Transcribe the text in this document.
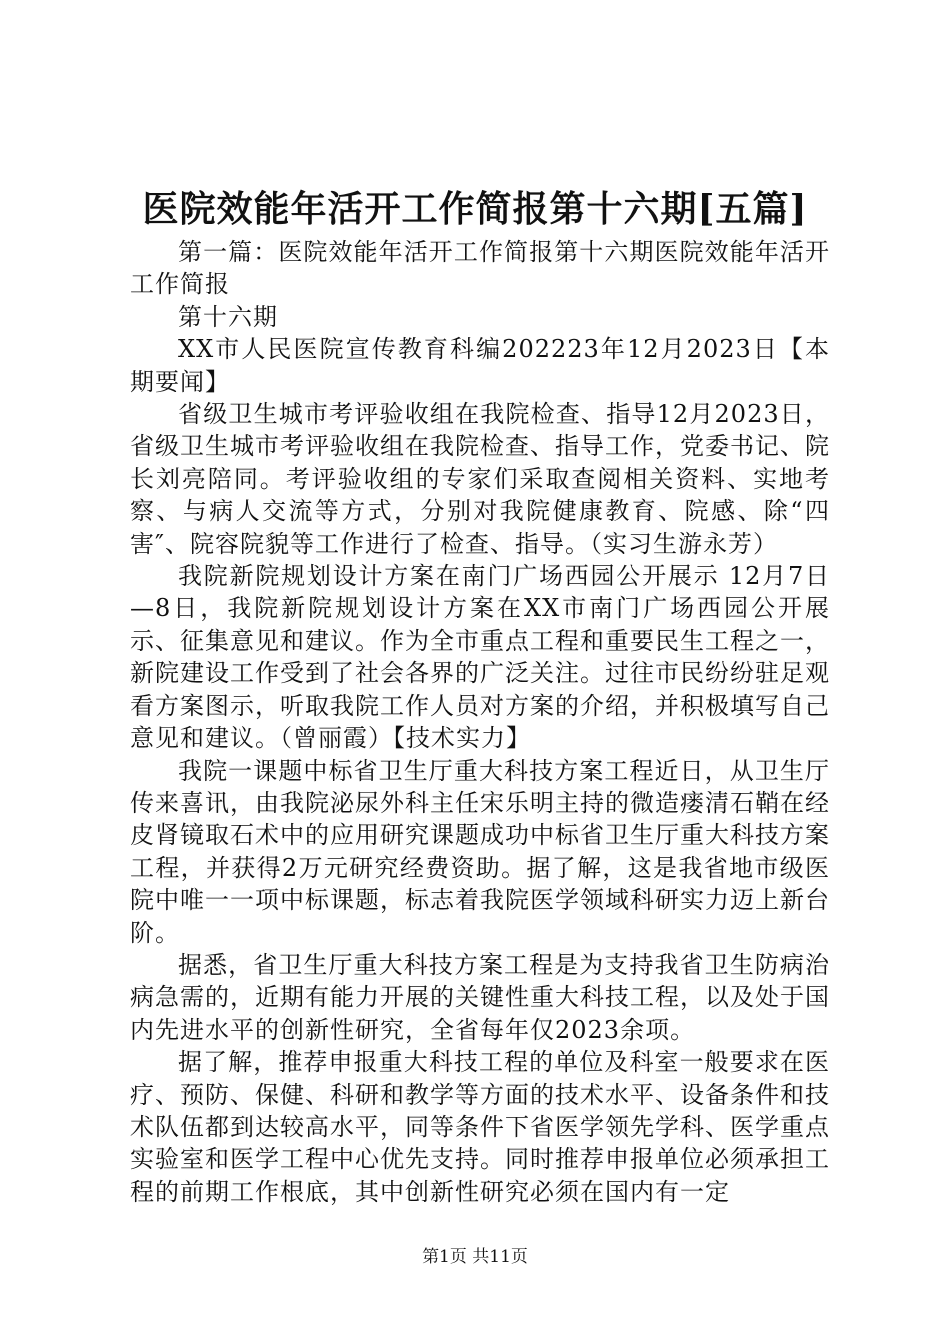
医院效能年活开工作简报第十六期[五篇]

第一篇：医院效能年活开工作简报第十六期医院效能年活开工作简报

第十六期

XX市人民医院宣传教育科编202223年12月2023日【本期要闻】

省级卫生城市考评验收组在我院检查、指导12月2023日，省级卫生城市考评验收组在我院检查、指导工作，党委书记、院长刘亮陪同。考评验收组的专家们采取查阅相关资料、实地考察、与病人交流等方式，分别对我院健康教育、院感、除“四害″、院容院貌等工作进行了检查、指导。（实习生游永芳）

我院新院规划设计方案在南门广场西园公开展示 12月7日—8日，我院新院规划设计方案在XX市南门广场西园公开展示、征集意见和建议。作为全市重点工程和重要民生工程之一，新院建设工作受到了社会各界的广泛关注。过往市民纷纷驻足观看方案图示，听取我院工作人员对方案的介绍，并积极填写自己意见和建议。（曾丽霞）【技术实力】

我院一课题中标省卫生厅重大科技方案工程近日，从卫生厅传来喜讯，由我院泌尿外科主任宋乐明主持的微造瘘清石鞘在经皮肾镜取石术中的应用研究课题成功中标省卫生厅重大科技方案工程，并获得2万元研究经费资助。据了解，这是我省地市级医院中唯一一项中标课题，标志着我院医学领域科研实力迈上新台阶。

据悉，省卫生厅重大科技方案工程是为支持我省卫生防病治病急需的，近期有能力开展的关键性重大科技工程，以及处于国内先进水平的创新性研究，全省每年仅2023余项。

据了解，推荐申报重大科技工程的单位及科室一般要求在医疗、预防、保健、科研和教学等方面的技术水平、设备条件和技术队伍都到达较高水平，同等条件下省医学领先学科、医学重点实验室和医学工程中心优先支持。同时推荐申报单位必须承担工程的前期工作根底，其中创新性研究必须在国内有一定

第1页 共11页
